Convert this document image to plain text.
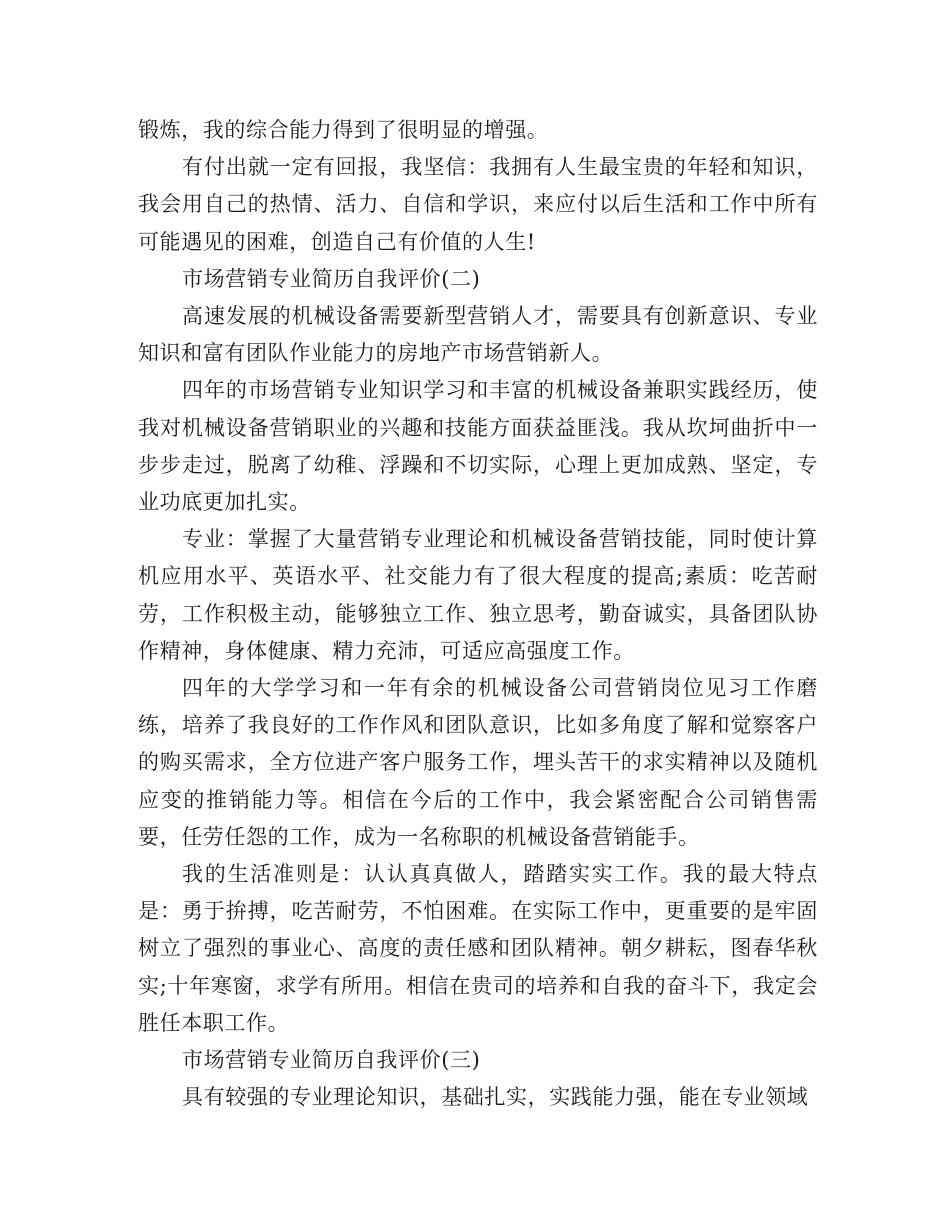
锻炼，我的综合能力得到了很明显的增强。

有付出就一定有回报，我坚信：我拥有人生最宝贵的年轻和知识，我会用自己的热情、活力、自信和学识，来应付以后生活和工作中所有可能遇见的困难，创造自己有价值的人生!

市场营销专业简历自我评价(二)

高速发展的机械设备需要新型营销人才，需要具有创新意识、专业知识和富有团队作业能力的房地产市场营销新人。

四年的市场营销专业知识学习和丰富的机械设备兼职实践经历，使我对机械设备营销职业的兴趣和技能方面获益匪浅。我从坎坷曲折中一步步走过，脱离了幼稚、浮躁和不切实际，心理上更加成熟、坚定，专业功底更加扎实。

专业：掌握了大量营销专业理论和机械设备营销技能，同时使计算机应用水平、英语水平、社交能力有了很大程度的提高;素质：吃苦耐劳，工作积极主动，能够独立工作、独立思考，勤奋诚实，具备团队协作精神，身体健康、精力充沛，可适应高强度工作。

四年的大学学习和一年有余的机械设备公司营销岗位见习工作磨练，培养了我良好的工作作风和团队意识，比如多角度了解和觉察客户的购买需求，全方位进产客户服务工作，埋头苦干的求实精神以及随机应变的推销能力等。相信在今后的工作中，我会紧密配合公司销售需要，任劳任怨的工作，成为一名称职的机械设备营销能手。

我的生活准则是：认认真真做人，踏踏实实工作。我的最大特点是：勇于拚搏，吃苦耐劳，不怕困难。在实际工作中，更重要的是牢固树立了强烈的事业心、高度的责任感和团队精神。朝夕耕耘，图春华秋实;十年寒窗，求学有所用。相信在贵司的培养和自我的奋斗下，我定会胜任本职工作。

市场营销专业简历自我评价(三)

具有较强的专业理论知识，基础扎实，实践能力强，能在专业领域
